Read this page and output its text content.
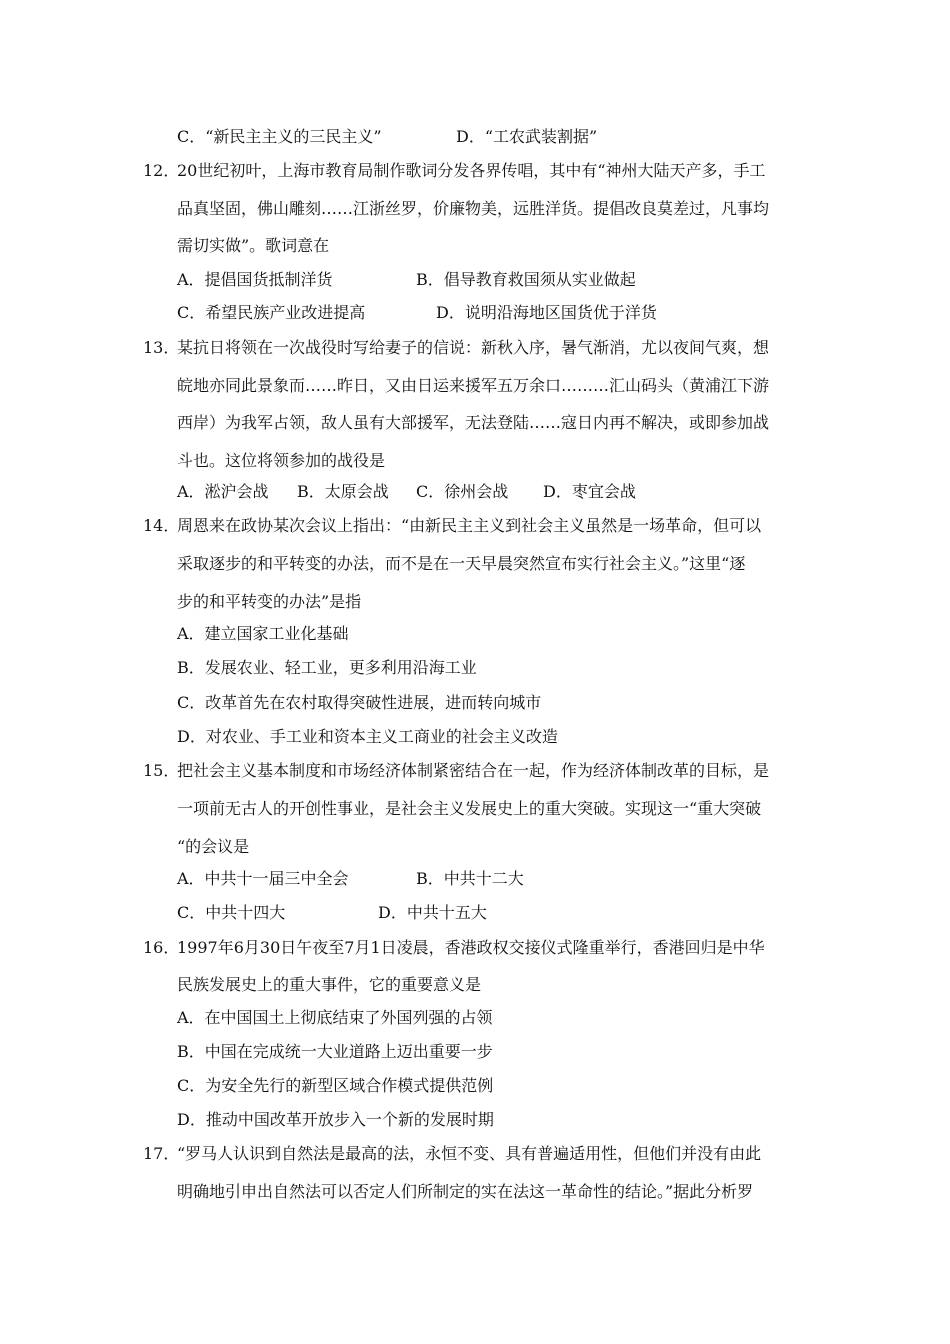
C．“新民主主义的三民主义”	D．“工农武装割据”
12．
20世纪初叶，上海市教育局制作歌词分发各界传唱，其中有“神州大陆天产多，手工
品真坚固，佛山雕刻……江浙丝罗，价廉物美，远胜洋货。提倡改良莫差过，凡事均
需切实做”。歌词意在
A．提倡国货抵制洋货	B．倡导教育救国须从实业做起
C．希望民族产业改进提高	D．说明沿海地区国货优于洋货
13．
某抗日将领在一次战役时写给妻子的信说：新秋入序，暑气渐消，尤以夜间气爽，想
皖地亦同此景象而……昨日，又由日运来援军五万余口………汇山码头（黄浦江下游
西岸）为我军占领，敌人虽有大部援军，无法登陆……寇日内再不解决，或即参加战
斗也。这位将领参加的战役是
A．淞沪会战 B．太原会战 C．徐州会战 D．枣宜会战
14．
周恩来在政协某次会议上指出：“由新民主主义到社会主义虽然是一场革命，但可以
采取逐步的和平转变的办法，而不是在一天早晨突然宣布实行社会主义。”这里“逐
步的和平转变的办法”是指
A．建立国家工业化基础
B．发展农业、轻工业，更多利用沿海工业
C．改革首先在农村取得突破性进展，进而转向城市
D．对农业、手工业和资本主义工商业的社会主义改造
15．
把社会主义基本制度和市场经济体制紧密结合在一起，作为经济体制改革的目标，是
一项前无古人的开创性事业，是社会主义发展史上的重大突破。实现这一“重大突破
“的会议是
A．中共十一届三中全会	B．中共十二大
C．中共十四大	D．中共十五大
16．
1997年6月30日午夜至7月1日凌晨，香港政权交接仪式隆重举行，香港回归是中华
民族发展史上的重大事件，它的重要意义是
A．在中国国土上彻底结束了外国列强的占领
B．中国在完成统一大业道路上迈出重要一步
C．为安全先行的新型区域合作模式提供范例
D．推动中国改革开放步入一个新的发展时期
17．
“罗马人认识到自然法是最高的法，永恒不变、具有普遍适用性，但他们并没有由此
明确地引申出自然法可以否定人们所制定的实在法这一革命性的结论。”据此分析罗
